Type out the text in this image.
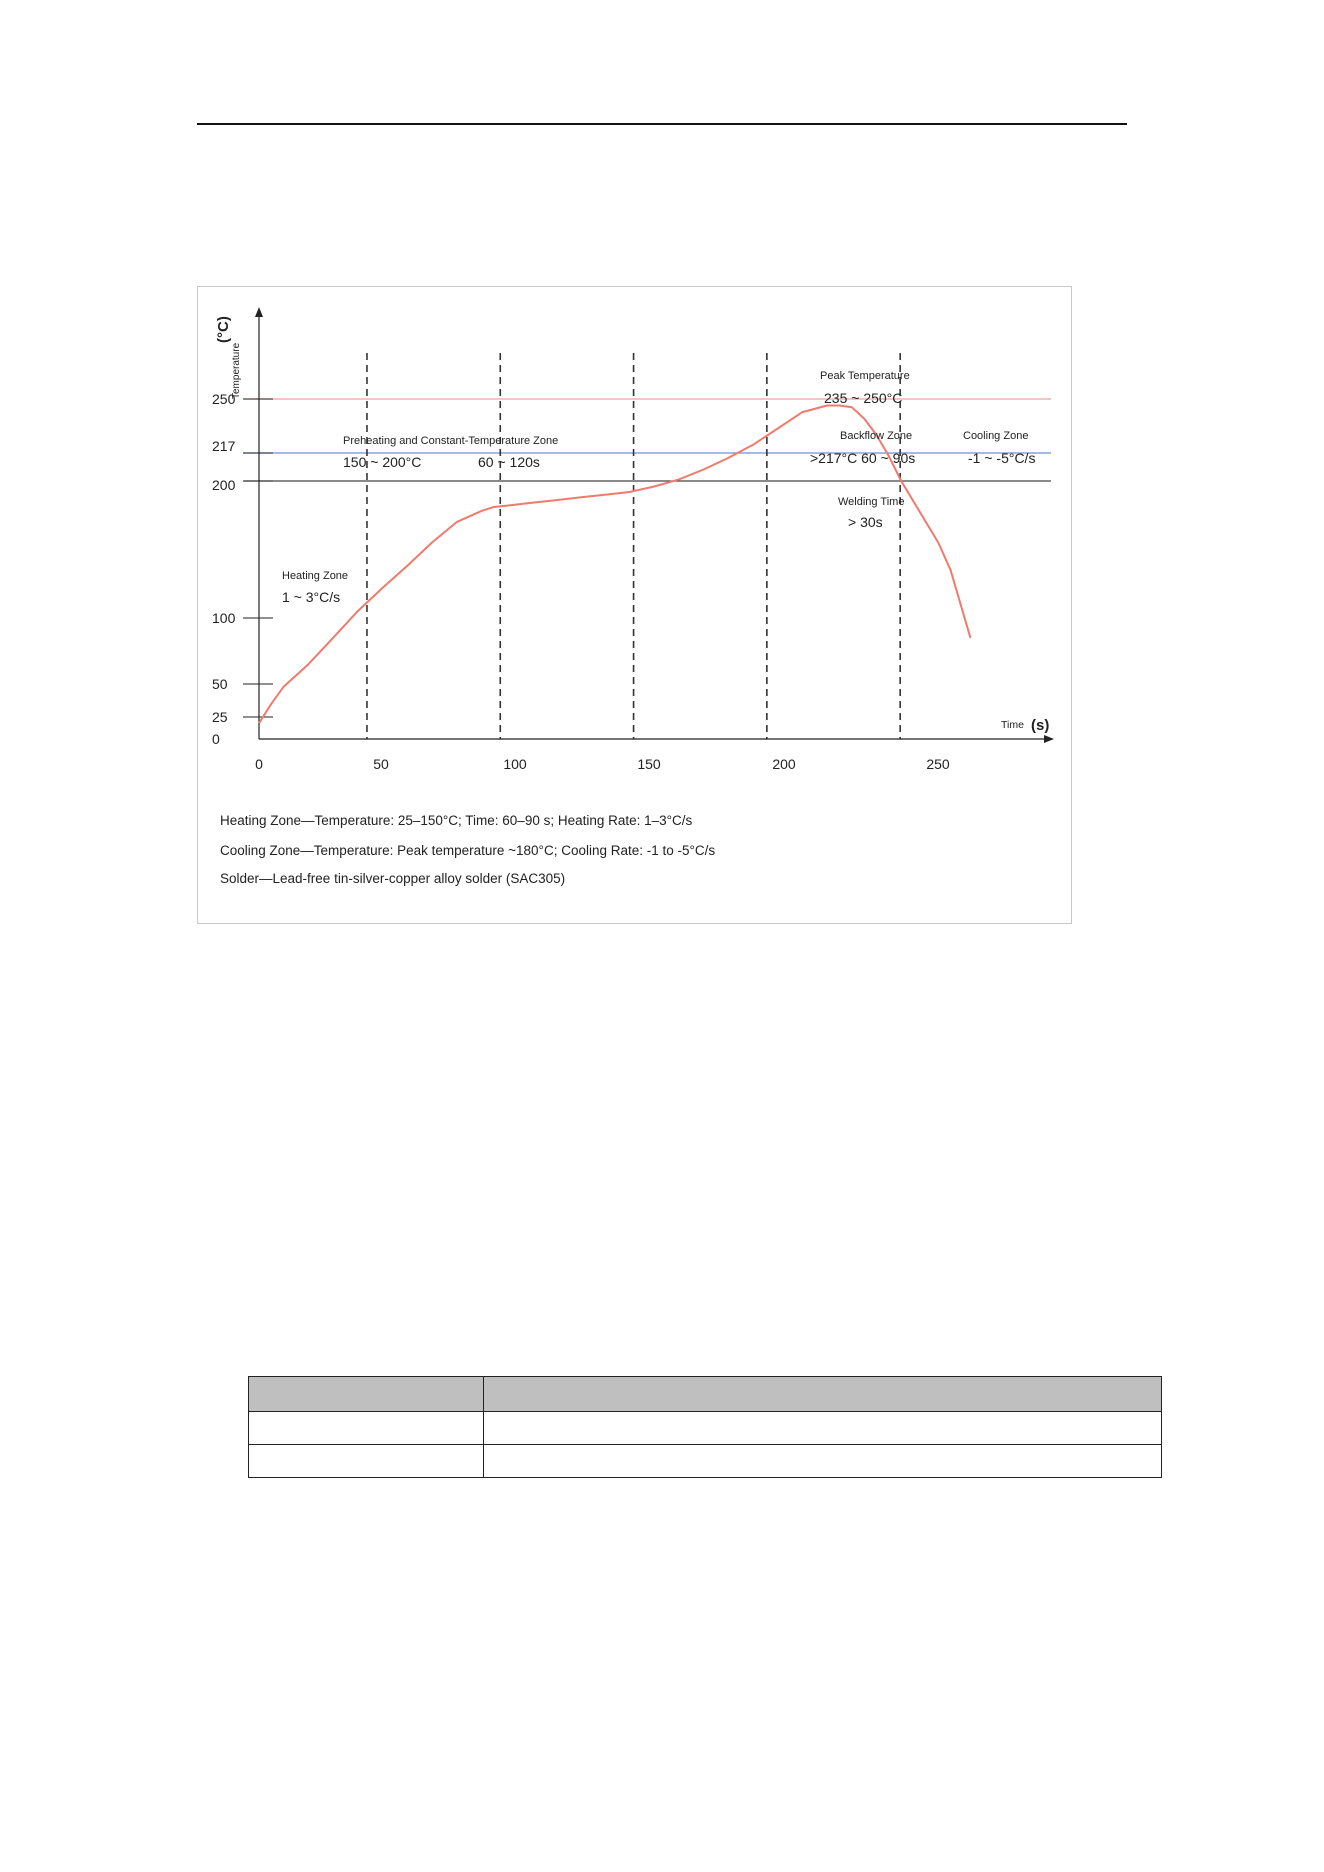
Temperature
(°C)
Time (s)
0
25
50
100
200
217
250
0	50	100	150	200	250
Peak Temperature
235 ~ 250°C
Preheating and Constant-Temperature Zone
150 ~ 200°C	60 ~ 120s
Backflow Zone
>217°C 60 ~ 90s
Cooling Zone
-1 ~ -5°C/s
Welding Time
> 30s
Heating Zone
1 ~ 3°C/s
Heating Zone—Temperature: 25–150°C; Time: 60–90 s; Heating Rate: 1–3°C/s
Cooling Zone—Temperature: Peak temperature ~180°C; Cooling Rate: -1 to -5°C/s
Solder—Lead-free tin-silver-copper alloy solder (SAC305)
